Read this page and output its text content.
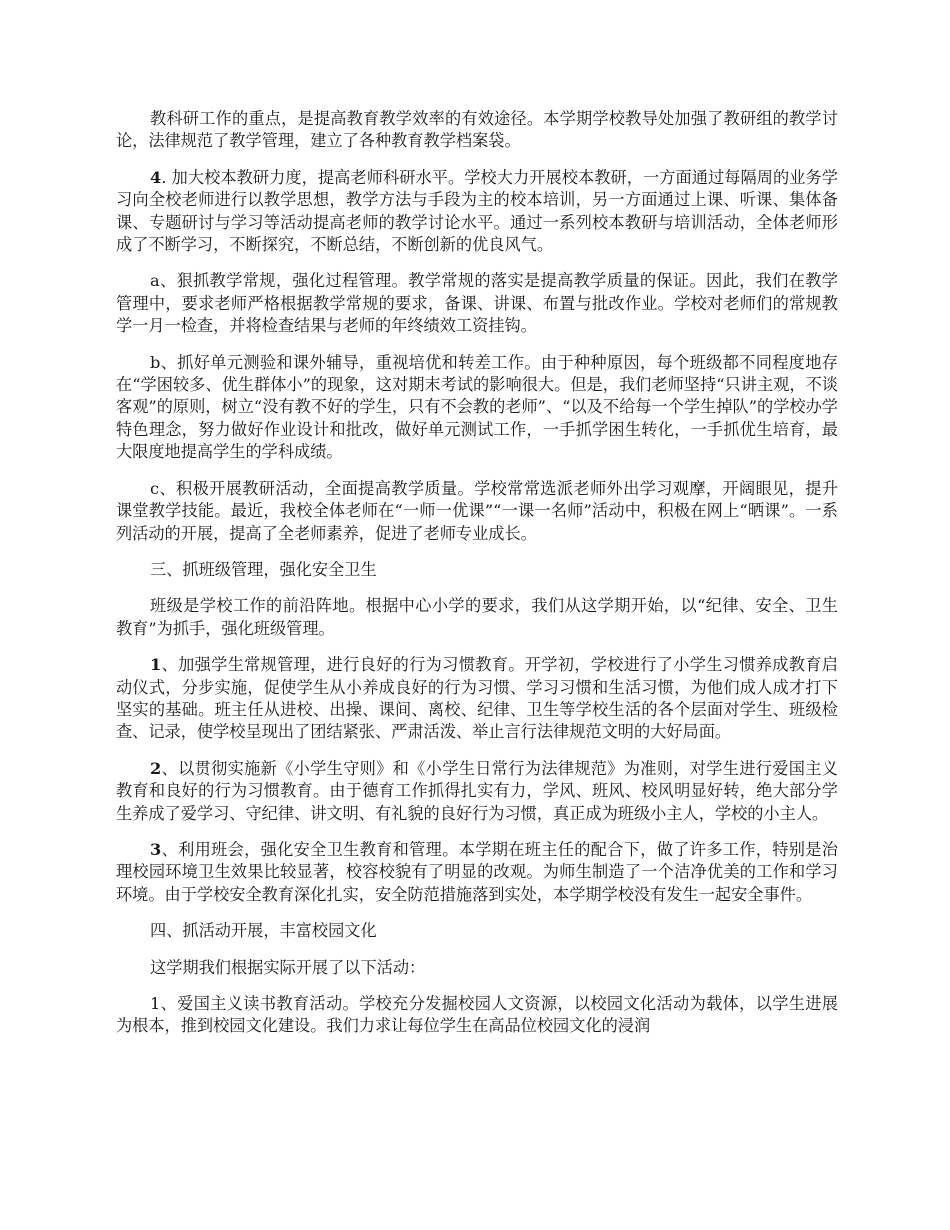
教科研工作的重点，是提高教育教学效率的有效途径。本学期学校教导处加强了教研组的教学讨论，法律规范了教学管理，建立了各种教育教学档案袋。

4. 加大校本教研力度，提高老师科研水平。学校大力开展校本教研，一方面通过每隔周的业务学习向全校老师进行以教学思想，教学方法与手段为主的校本培训，另一方面通过上课、听课、集体备课、专题研讨与学习等活动提高老师的教学讨论水平。通过一系列校本教研与培训活动，全体老师形成了不断学习，不断探究，不断总结，不断创新的优良风气。

a、狠抓教学常规，强化过程管理。教学常规的落实是提高教学质量的保证。因此，我们在教学管理中，要求老师严格根据教学常规的要求，备课、讲课、布置与批改作业。学校对老师们的常规教学一月一检查，并将检查结果与老师的年终绩效工资挂钩。

b、抓好单元测验和课外辅导，重视培优和转差工作。由于种种原因，每个班级都不同程度地存在“学困较多、优生群体小”的现象，这对期末考试的影响很大。但是，我们老师坚持“只讲主观，不谈客观”的原则，树立“没有教不好的学生，只有不会教的老师”、“以及不给每一个学生掉队”的学校办学特色理念，努力做好作业设计和批改，做好单元测试工作，一手抓学困生转化，一手抓优生培育，最大限度地提高学生的学科成绩。

c、积极开展教研活动，全面提高教学质量。学校常常选派老师外出学习观摩，开阔眼见，提升课堂教学技能。最近，我校全体老师在“一师一优课”“一课一名师”活动中，积极在网上“晒课”。一系列活动的开展，提高了全老师素养，促进了老师专业成长。

三、抓班级管理，强化安全卫生

班级是学校工作的前沿阵地。根据中心小学的要求，我们从这学期开始，以“纪律、安全、卫生教育”为抓手，强化班级管理。

1、加强学生常规管理，进行良好的行为习惯教育。开学初，学校进行了小学生习惯养成教育启动仪式，分步实施，促使学生从小养成良好的行为习惯、学习习惯和生活习惯，为他们成人成才打下坚实的基础。班主任从进校、出操、课间、离校、纪律、卫生等学校生活的各个层面对学生、班级检查、记录，使学校呈现出了团结紧张、严肃活泼、举止言行法律规范文明的大好局面。

2、以贯彻实施新《小学生守则》和《小学生日常行为法律规范》为准则，对学生进行爱国主义教育和良好的行为习惯教育。由于德育工作抓得扎实有力，学风、班风、校风明显好转，绝大部分学生养成了爱学习、守纪律、讲文明、有礼貌的良好行为习惯，真正成为班级小主人，学校的小主人。

3、利用班会，强化安全卫生教育和管理。本学期在班主任的配合下，做了许多工作，特别是治理校园环境卫生效果比较显著，校容校貌有了明显的改观。为师生制造了一个洁净优美的工作和学习环境。由于学校安全教育深化扎实，安全防范措施落到实处，本学期学校没有发生一起安全事件。

四、抓活动开展，丰富校园文化

这学期我们根据实际开展了以下活动：

1、爱国主义读书教育活动。学校充分发掘校园人文资源，以校园文化活动为载体，以学生进展为根本，推到校园文化建设。我们力求让每位学生在高品位校园文化的浸润
